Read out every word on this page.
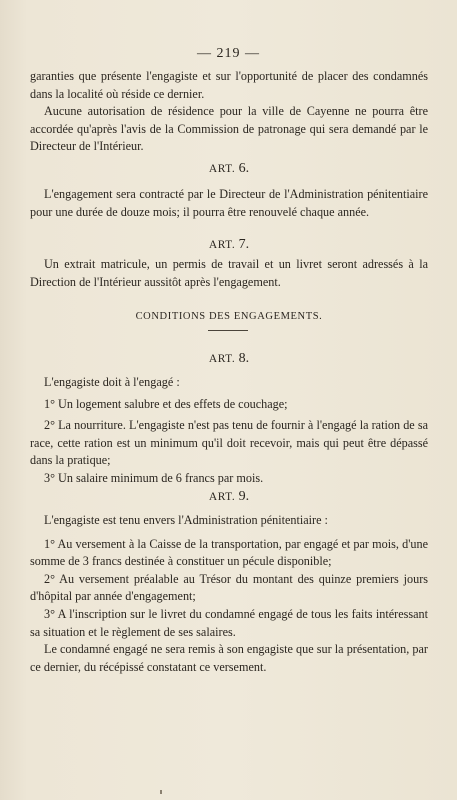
— 219 —

garanties que présente l'engagiste et sur l'opportunité de placer des condamnés dans la localité où réside ce dernier.

Aucune autorisation de résidence pour la ville de Cayenne ne pourra être accordée qu'après l'avis de la Commission de patronage qui sera demandé par le Directeur de l'Intérieur.

ART. 6.

L'engagement sera contracté par le Directeur de l'Administration pénitentiaire pour une durée de douze mois; il pourra être renouvelé chaque année.

ART. 7.

Un extrait matricule, un permis de travail et un livret seront adressés à la Direction de l'Intérieur aussitôt après l'engagement.

CONDITIONS DES ENGAGEMENTS.
ART. 8.

L'engagiste doit à l'engagé :

1° Un logement salubre et des effets de couchage;

2° La nourriture. L'engagiste n'est pas tenu de fournir à l'engagé la ration de sa race, cette ration est un minimum qu'il doit recevoir, mais qui peut être dépassé dans la pratique;

3° Un salaire minimum de 6 francs par mois.

ART. 9.

L'engagiste est tenu envers l'Administration pénitentiaire :

1° Au versement à la Caisse de la transportation, par engagé et par mois, d'une somme de 3 francs destinée à constituer un pécule disponible;

2° Au versement préalable au Trésor du montant des quinze premiers jours d'hôpital par année d'engagement;

3° A l'inscription sur le livret du condamné engagé de tous les faits intéressant sa situation et le règlement de ses salaires.

Le condamné engagé ne sera remis à son engagiste que sur la présentation, par ce dernier, du récépissé constatant ce versement.
